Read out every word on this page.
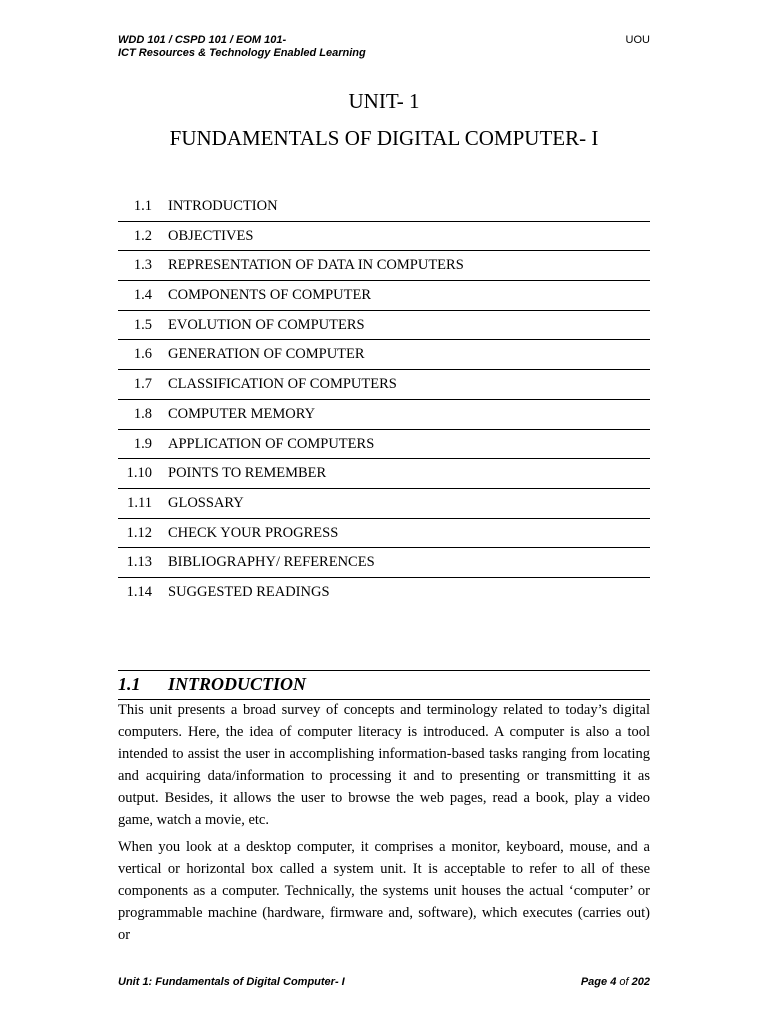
WDD 101 / CSPD 101 / EOM 101-
ICT Resources & Technology Enabled Learning
UOU
UNIT- 1
FUNDAMENTALS OF DIGITAL COMPUTER- I
1.1 INTRODUCTION
1.2 OBJECTIVES
1.3 REPRESENTATION OF DATA IN COMPUTERS
1.4 COMPONENTS OF COMPUTER
1.5 EVOLUTION OF COMPUTERS
1.6 GENERATION OF COMPUTER
1.7 CLASSIFICATION OF COMPUTERS
1.8 COMPUTER MEMORY
1.9 APPLICATION OF COMPUTERS
1.10 POINTS TO REMEMBER
1.11 GLOSSARY
1.12 CHECK YOUR PROGRESS
1.13 BIBLIOGRAPHY/ REFERENCES
1.14 SUGGESTED READINGS
1.1 INTRODUCTION

This unit presents a broad survey of concepts and terminology related to today’s digital computers. Here, the idea of computer literacy is introduced. A computer is also a tool intended to assist the user in accomplishing information-based tasks ranging from locating and acquiring data/information to processing it and to presenting or transmitting it as output. Besides, it allows the user to browse the web pages, read a book, play a video game, watch a movie, etc.

When you look at a desktop computer, it comprises a monitor, keyboard, mouse, and a vertical or horizontal box called a system unit. It is acceptable to refer to all of these components as a computer. Technically, the systems unit houses the actual ‘computer’ or programmable machine (hardware, firmware and, software), which executes (carries out) or

Unit 1: Fundamentals of Digital Computer- I	Page 4 of 202
